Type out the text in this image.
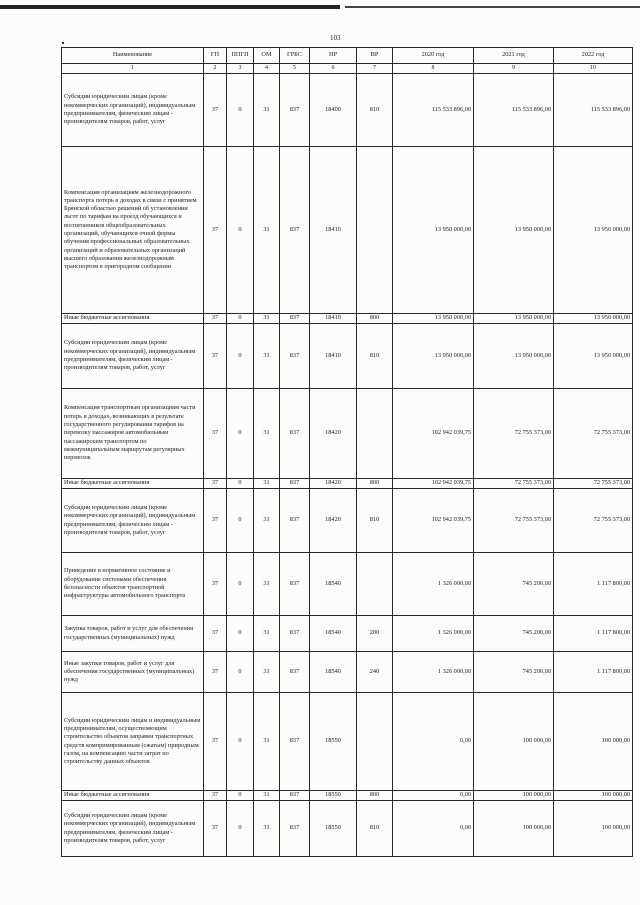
103
Наименование	ГП	ППГП	ОМ	ГРБС	НР	ВР	2020 год	2021 год	2022 год
1	2	3	4	5	6	7	8	9	10
Субсидии юридическим лицам (кроме некоммерческих организаций), индивидуальным предпринимателям, физическим лицам - производителям товаров, работ, услуг	37	0	31	837	18400	810	115 533 896,00	115 533 896,00	115 533 896,00
Компенсация организациям железнодорожного транспорта потерь в доходах в связи с принятием Брянской областью решений об установлении льгот по тарифам на проезд обучающихся и воспитанников общеобразовательных организаций, обучающихся очной формы обучения профессиональных образовательных организаций и образовательных организаций высшего образования железнодорожным транспортом в пригородном сообщении	37	0	31	837	18410		13 950 000,00	13 950 000,00	13 950 000,00
Иные бюджетные ассигнования	37	0	31	837	18410	800	13 950 000,00	13 950 000,00	13 950 000,00
Субсидии юридическим лицам (кроме некоммерческих организаций), индивидуальным предпринимателям, физическим лицам - производителям товаров, работ, услуг	37	0	31	837	18410	810	13 950 000,00	13 950 000,00	13 950 000,00
Компенсация транспортным организациям части потерь в доходах, возникающих в результате государственного регулирования тарифов на перевозку пассажиров автомобильным пассажирским транспортом по межмуниципальным маршрутам регулярных перевозок	37	0	31	837	18420		102 942 039,75	72 755 373,00	72 755 373,00
Иные бюджетные ассигнования	37	0	31	837	18420	800	102 942 039,75	72 755 373,00	72 755 373,00
Субсидии юридическим лицам (кроме некоммерческих организаций), индивидуальным предпринимателям, физическим лицам - производителям товаров, работ, услуг	37	0	31	837	18420	810	102 942 039,75	72 755 373,00	72 755 373,00
Приведение в нормативное состояние и оборудование системами обеспечения безопасности объектов транспортной инфраструктуры автомобильного транспорта	37	0	31	837	18540		1 326 000,00	745 200,00	1 117 800,00
Закупка товаров, работ и услуг для обеспечения государственных (муниципальных) нужд	37	0	31	837	18540	200	1 326 000,00	745 200,00	1 117 800,00
Иные закупки товаров, работ и услуг для обеспечения государственных (муниципальных) нужд	37	0	31	837	18540	240	1 326 000,00	745 200,00	1 117 800,00
Субсидии юридическим лицам и индивидуальным предпринимателям, осуществляющим строительство объектов заправки транспортных средств компримированным (сжатым) природным газом, на компенсацию части затрат по строительству данных объектов	37	0	31	837	18550		0,00	100 000,00	100 000,00
Иные бюджетные ассигнования	37	0	31	837	18550	800	0,00	100 000,00	100 000,00
Субсидии юридическим лицам (кроме некоммерческих организаций), индивидуальным предпринимателям, физическим лицам - производителям товаров, работ, услуг	37	0	31	837	18550	810	0,00	100 000,00	100 000,00
